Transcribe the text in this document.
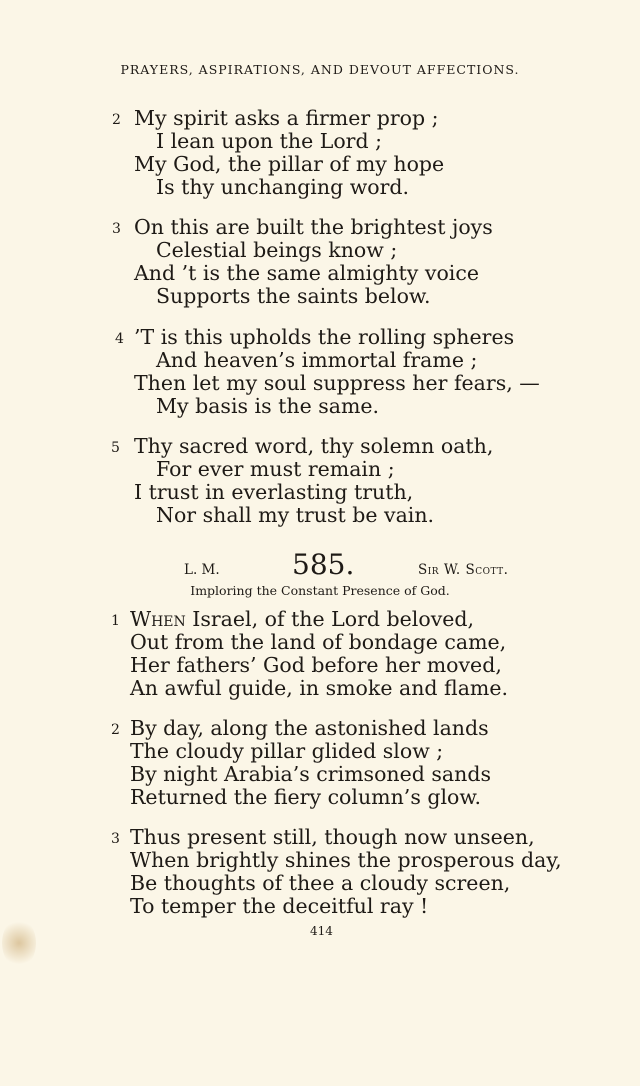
PRAYERS, ASPIRATIONS, AND DEVOUT AFFECTIONS.
2 My spirit asks a firmer prop ;
I lean upon the Lord ;
My God, the pillar of my hope
Is thy unchanging word.
3 On this are built the brightest joys
Celestial beings know ;
And ’t is the same almighty voice
Supports the saints below.
4 ’T is this upholds the rolling spheres
And heaven’s immortal frame ;
Then let my soul suppress her fears, —
My basis is the same.
5 Thy sacred word, thy solemn oath,
For ever must remain ;
I trust in everlasting truth,
Nor shall my trust be vain.
L. M.	585.	Sir W. Scott.
Imploring the Constant Presence of God.
1 When Israel, of the Lord beloved,
Out from the land of bondage came,
Her fathers’ God before her moved,
An awful guide, in smoke and flame.
2 By day, along the astonished lands
The cloudy pillar glided slow ;
By night Arabia’s crimsoned sands
Returned the fiery column’s glow.
3 Thus present still, though now unseen,
When brightly shines the prosperous day,
Be thoughts of thee a cloudy screen,
To temper the deceitful ray !
414
